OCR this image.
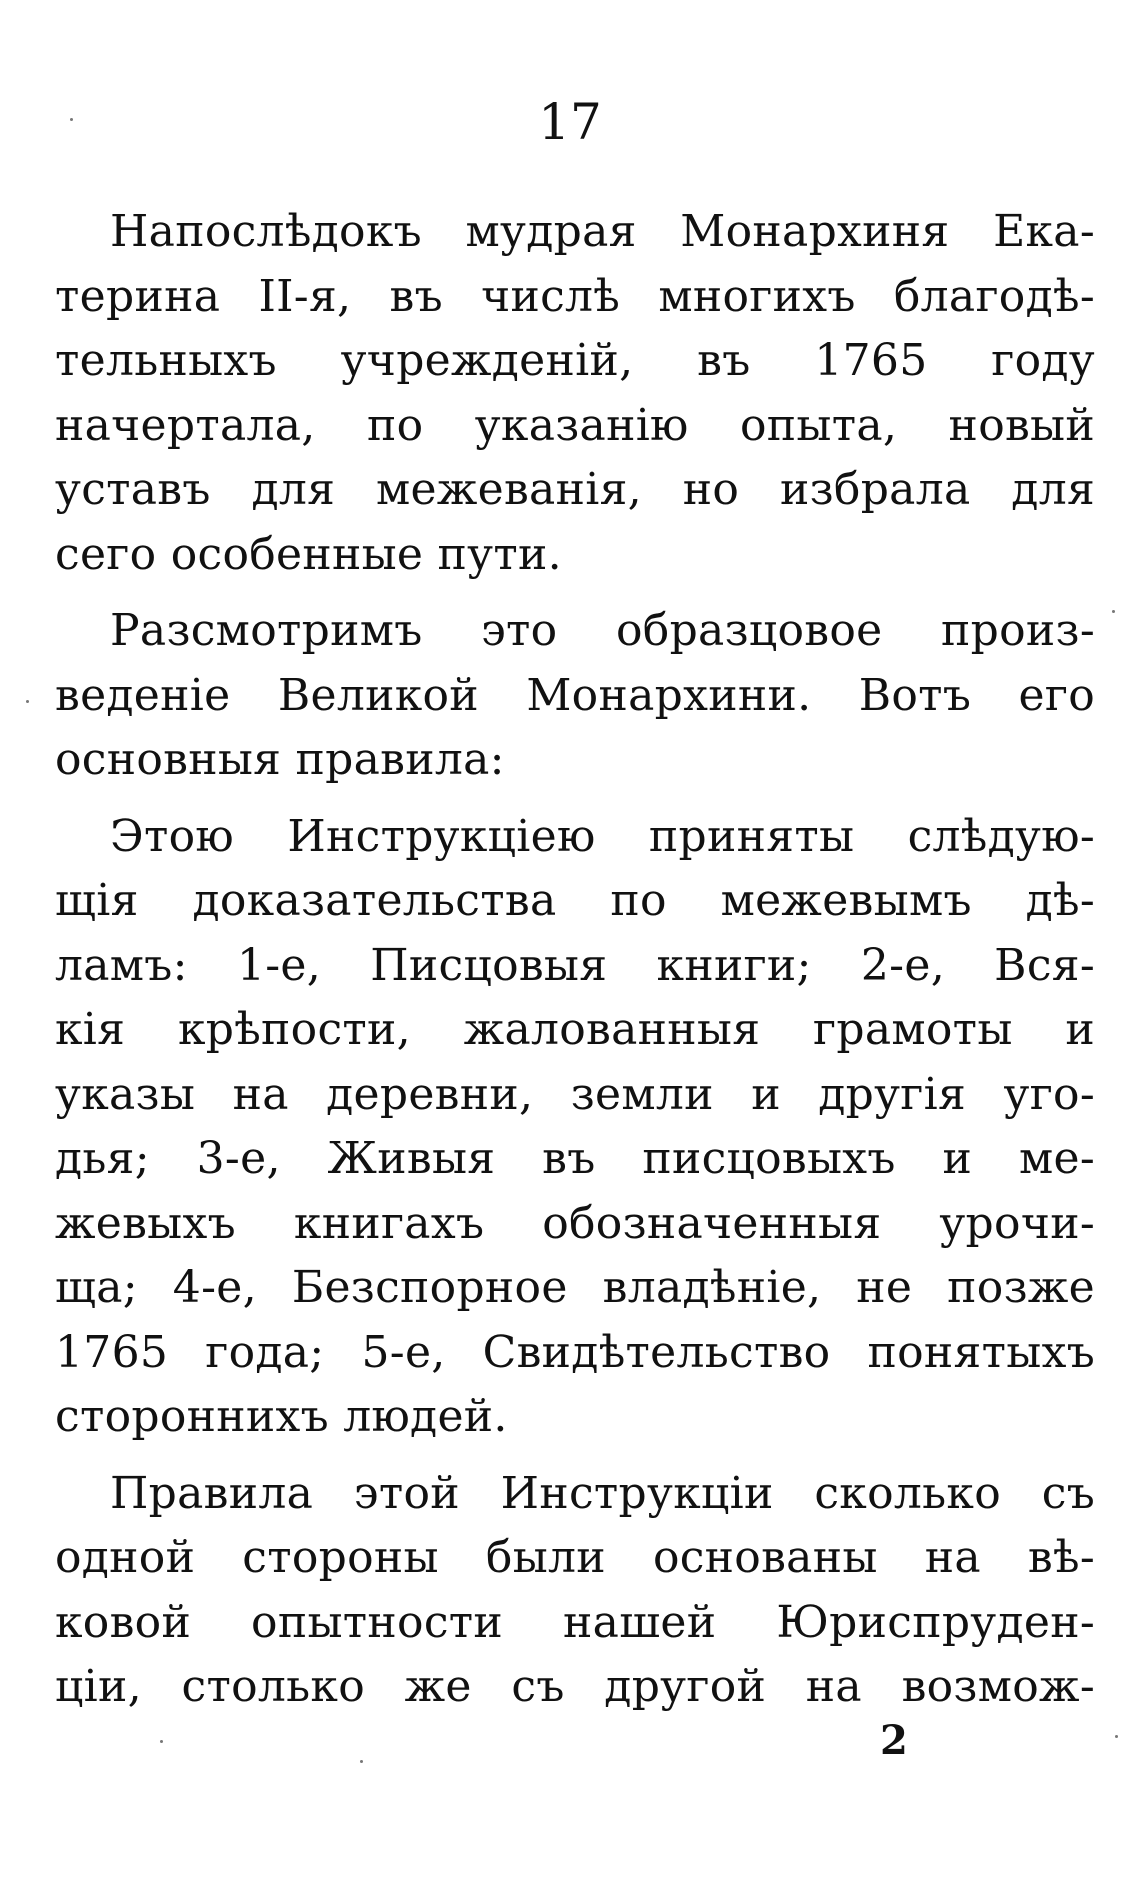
17
Напослѣдокъ мудрая Монархиня Ека-
терина II-я, въ числѣ многихъ благодѣ-
тельныхъ учрежденій, въ 1765 году
начертала, по указанію опыта, новый
уставъ для межеванія, но избрала для
сего особенные пути.
Разсмотримъ это образцовое произ-
веденіе Великой Монархини. Вотъ его
основныя правила:
Этою Инструкціею приняты слѣдую-
щія доказательства по межевымъ дѣ-
ламъ: 1-е, Писцовыя книги; 2-е, Вся-
кія крѣпости, жалованныя грамоты и
указы на деревни, земли и другія уго-
дья; 3-е, Живыя въ писцовыхъ и ме-
жевыхъ книгахъ обозначенныя урочи-
ща; 4-е, Безспорное владѣніе, не позже
1765 года; 5-е, Свидѣтельство понятыхъ
стороннихъ людей.
Правила этой Инструкціи сколько съ
одной стороны были основаны на вѣ-
ковой опытности нашей Юриспруден-
ціи, столько же съ другой на возмож-
2
